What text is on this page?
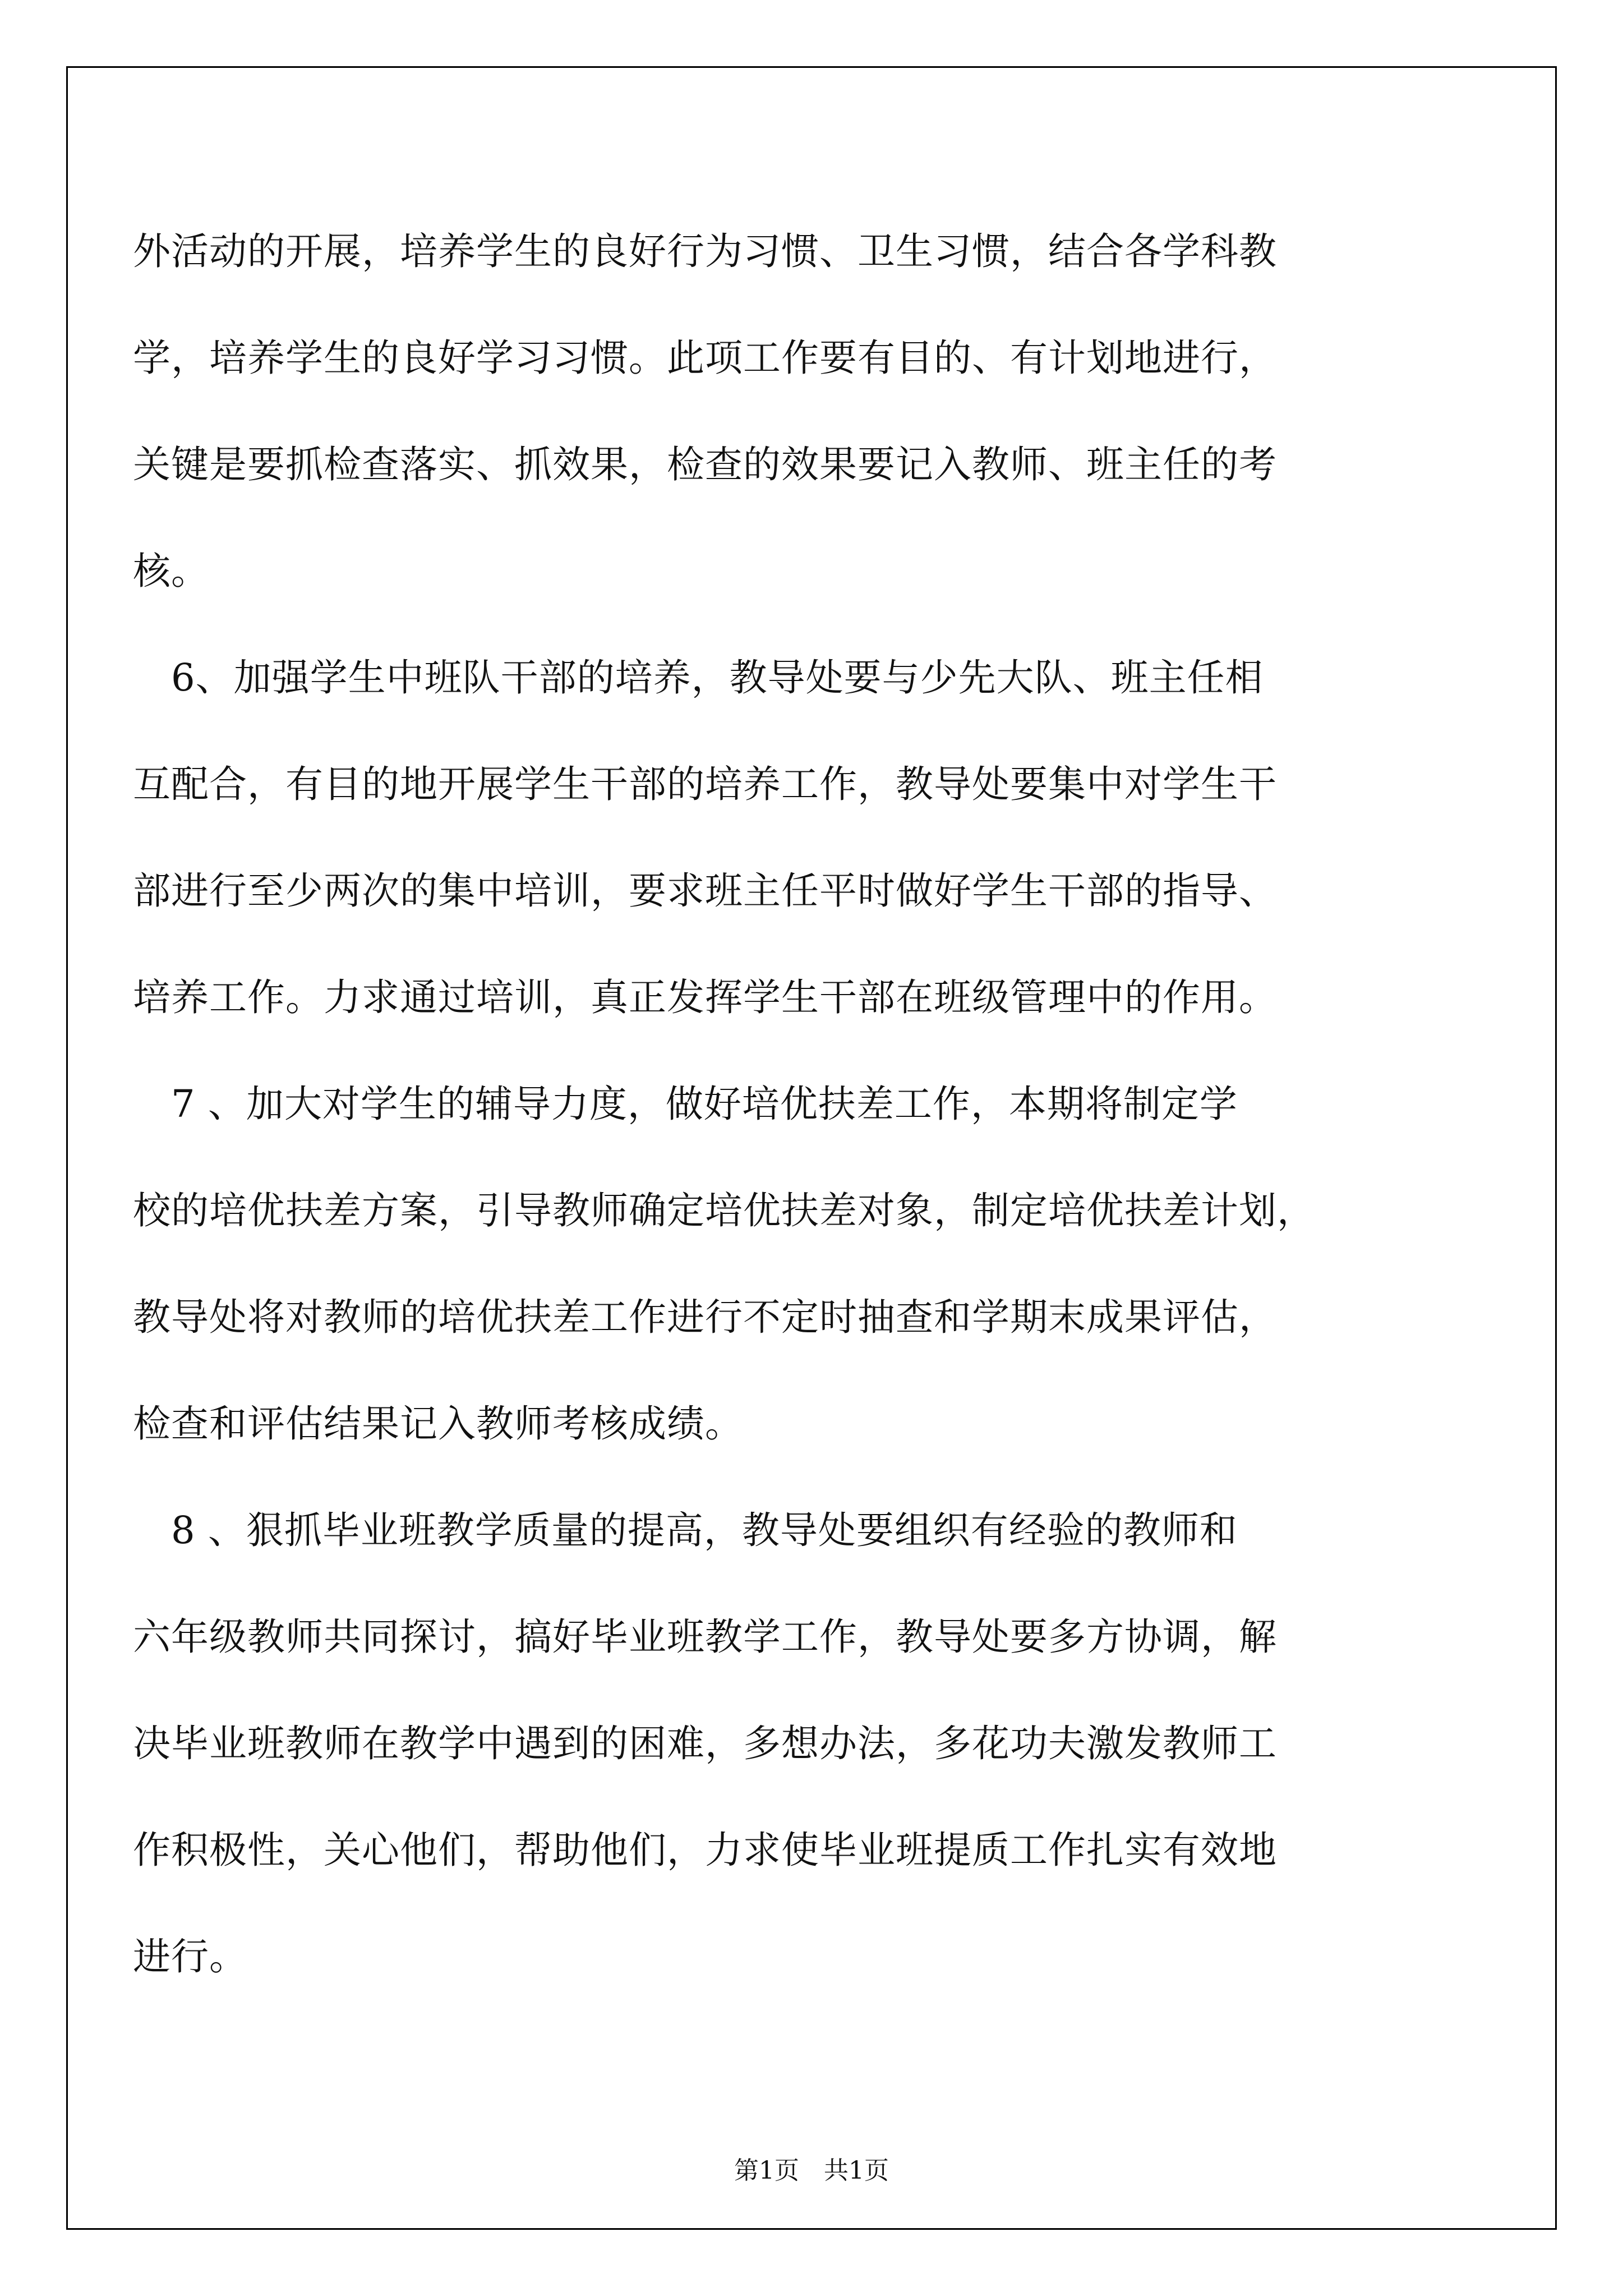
外活动的开展，培养学生的良好行为习惯、卫生习惯，结合各学科教
学，培养学生的良好学习习惯。此项工作要有目的、有计划地进行，
关键是要抓检查落实、抓效果，检查的效果要记入教师、班主任的考
核。
　6、加强学生中班队干部的培养，教导处要与少先大队、班主任相
互配合，有目的地开展学生干部的培养工作，教导处要集中对学生干
部进行至少两次的集中培训，要求班主任平时做好学生干部的指导、
培养工作。力求通过培训，真正发挥学生干部在班级管理中的作用。
　7 、加大对学生的辅导力度，做好培优扶差工作，本期将制定学
校的培优扶差方案，引导教师确定培优扶差对象，制定培优扶差计划，
教导处将对教师的培优扶差工作进行不定时抽查和学期末成果评估，
检查和评估结果记入教师考核成绩。
　8 、狠抓毕业班教学质量的提高，教导处要组织有经验的教师和
六年级教师共同探讨，搞好毕业班教学工作，教导处要多方协调，解
决毕业班教师在教学中遇到的困难，多想办法，多花功夫激发教师工
作积极性，关心他们，帮助他们，力求使毕业班提质工作扎实有效地
进行。
第1页　共1页
